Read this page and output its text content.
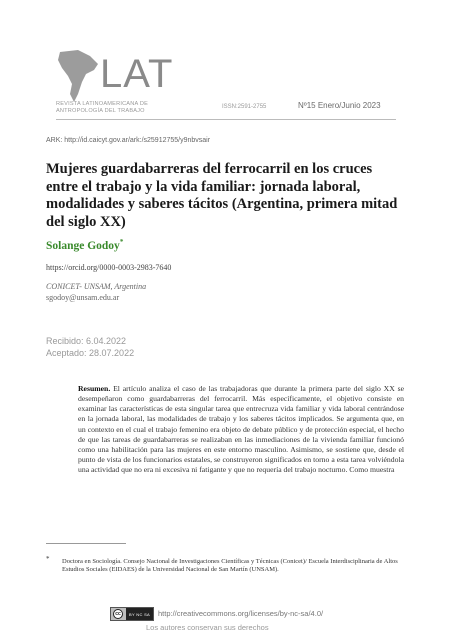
LAT
REVISTA LATINOAMERICANA DE ANTROPOLOGÍA DEL TRABAJO
ISSN:2591-2755	Nº15 Enero/Junio 2023
ARK: http://id.caicyt.gov.ar/ark:/s25912755/y9nbvsair
Mujeres guardabarreras del ferrocarril en los cruces entre el trabajo y la vida familiar: jornada laboral, modalidades y saberes tácitos (Argentina, primera mitad del siglo XX)
Solange Godoy*
https://orcid.org/0000-0003-2983-7640
CONICET- UNSAM, Argentina
sgodoy@unsam.edu.ar
Recibido: 6.04.2022
Aceptado: 28.07.2022
Resumen. El artículo analiza el caso de las trabajadoras que durante la primera parte del siglo XX se desempeñaron como guardabarreras del ferrocarril. Más específicamente, el objetivo consiste en examinar las características de esta singular tarea que entrecruza vida familiar y vida laboral centrándose en la jornada laboral, las modalidades de trabajo y los saberes tácitos implicados. Se argumenta que, en un contexto en el cual el trabajo femenino era objeto de debate público y de protección especial, el hecho de que las tareas de guardabarreras se realizaban en las inmediaciones de la vivienda familiar funcionó como una habilitación para las mujeres en este entorno masculino. Asimismo, se sostiene que, desde el punto de vista de los funcionarios estatales, se construyeron significados en torno a esta tarea volviéndola una actividad que no era ni excesiva ni fatigante y que no requería del trabajo nocturno. Como muestra
* Doctora en Sociología. Consejo Nacional de Investigaciones Científicas y Técnicas (Conicet)/ Escuela Interdisciplinaria de Altos Estudios Sociales (EIDAES) de la Universidad Nacional de San Martín (UNSAM).
cc	BY NC SA	http://creativecommons.org/licenses/by-nc-sa/4.0/
Los autores conservan sus derechos
